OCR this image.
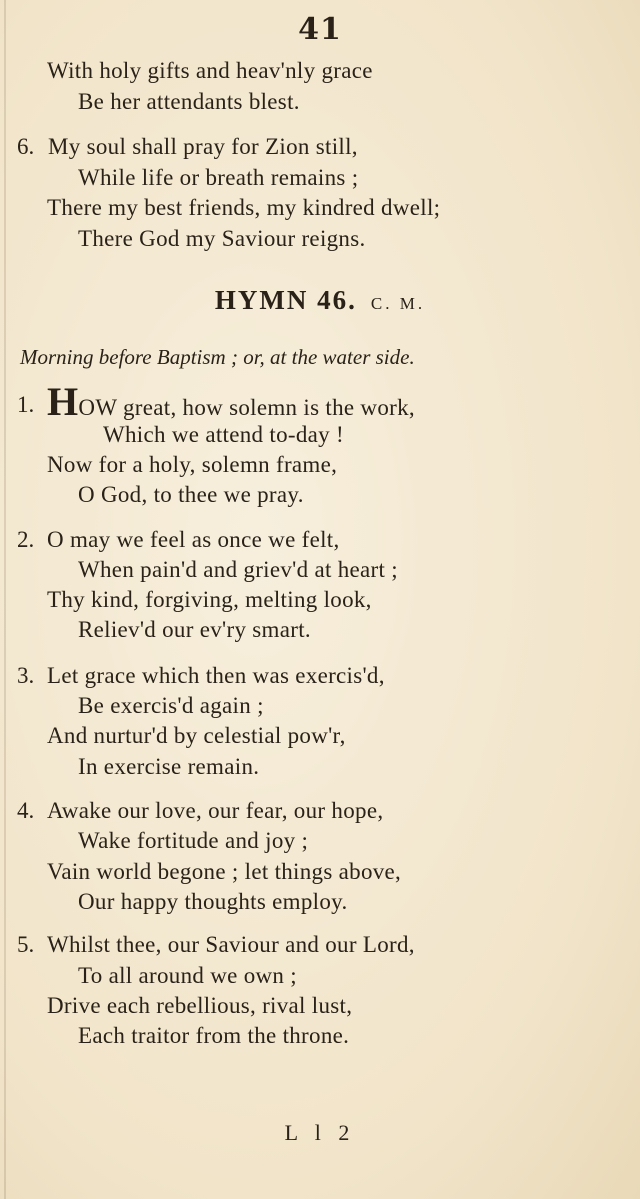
41
With holy gifts and heav'nly grace
Be her attendants blest.
6. My soul shall pray for Zion still,
While life or breath remains ;
There my best friends, my kindred dwell;
There God my Saviour reigns.
HYMN 46. C. M.
Morning before Baptism ; or, at the water side.
1. HOW great, how solemn is the work,
Which we attend to-day !
Now for a holy, solemn frame,
O God, to thee we pray.
2. O may we feel as once we felt,
When pain'd and griev'd at heart ;
Thy kind, forgiving, melting look,
Reliev'd our ev'ry smart.
3. Let grace which then was exercis'd,
Be exercis'd again ;
And nurtur'd by celestial pow'r,
In exercise remain.
4. Awake our love, our fear, our hope,
Wake fortitude and joy ;
Vain world begone ; let things above,
Our happy thoughts employ.
5. Whilst thee, our Saviour and our Lord,
To all around we own ;
Drive each rebellious, rival lust,
Each traitor from the throne.
L l 2
